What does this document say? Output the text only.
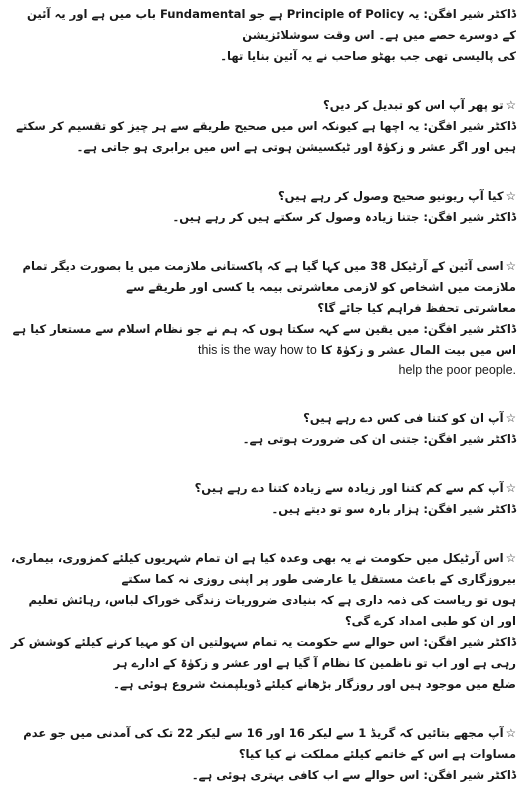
ڈاکٹر شیر افگن: یہ Principle of Policy ہے جو Fundamental باب میں ہے اور یہ آئین کے دوسرے حصے میں ہے۔ اس وقت سوشلائزیشن

کی پالیسی تھی جب بھٹو صاحب نے یہ آئین بنایا تھا۔

☆تو پھر آپ اس کو تبدیل کر دیں؟

ڈاکٹر شیر افگن: یہ اچھا ہے کیونکہ اس میں صحیح طریقے سے ہر چیز کو تقسیم کر سکتے ہیں اور اگر عشر و زکوٰۃ اور ٹیکسیشن ہوتی ہے اس میں برابری ہو جاتی ہے۔

☆کیا آپ ریونیو صحیح وصول کر رہے ہیں؟

ڈاکٹر شیر افگن: جتنا زیادہ وصول کر سکتے ہیں کر رہے ہیں۔

☆اسی آئین کے آرٹیکل 38 میں کہا گیا ہے کہ پاکستانی ملازمت میں یا بصورت دیگر تمام ملازمت میں اشخاص کو لازمی معاشرتی بیمہ یا کسی اور طریقے سے

معاشرتی تحفظ فراہم کیا جائے گا؟

ڈاکٹر شیر افگن: میں یقین سے کہہ سکتا ہوں کہ ہم نے جو نظام اسلام سے مستعار کیا ہے اس میں بیت المال عشر و زکوٰۃ کا this is the way how to

help the poor people.

☆آپ ان کو کتنا فی کس دے رہے ہیں؟

ڈاکٹر شیر افگن: جتنی ان کی ضرورت ہوتی ہے۔

☆آپ کم سے کم کتنا اور زیادہ سے زیادہ کتنا دے رہے ہیں؟

ڈاکٹر شیر افگن: ہزار بارہ سو تو دیتے ہیں۔

☆اس آرٹیکل میں حکومت نے یہ بھی وعدہ کیا ہے ان تمام شہریوں کیلئے کمزوری، بیماری، بیروزگاری کے باعث مستقل یا عارضی طور پر اپنی روزی نہ کما سکتے

ہوں تو ریاست کی ذمہ داری ہے کہ بنیادی ضروریات زندگی خوراک لباس، رہائش تعلیم اور ان کو طبی امداد کرے گی؟

ڈاکٹر شیر افگن: اس حوالے سے حکومت یہ تمام سہولتیں ان کو مہیا کرنے کیلئے کوشش کر رہی ہے اور اب تو ناظمین کا نظام آ گیا ہے اور عشر و زکوٰۃ کے ادارے ہر

ضلع میں موجود ہیں اور روزگار بڑھانے کیلئے ڈویلپمنٹ شروع ہوئی ہے۔

☆آپ مجھے بتائیں کہ گریڈ 1 سے لیکر 16 اور 16 سے لیکر 22 تک کی آمدنی میں جو عدم مساوات ہے اس کے خاتمے کیلئے مملکت نے کیا کیا؟

ڈاکٹر شیر افگن: اس حوالے سے اب کافی بہتری ہوئی ہے۔
